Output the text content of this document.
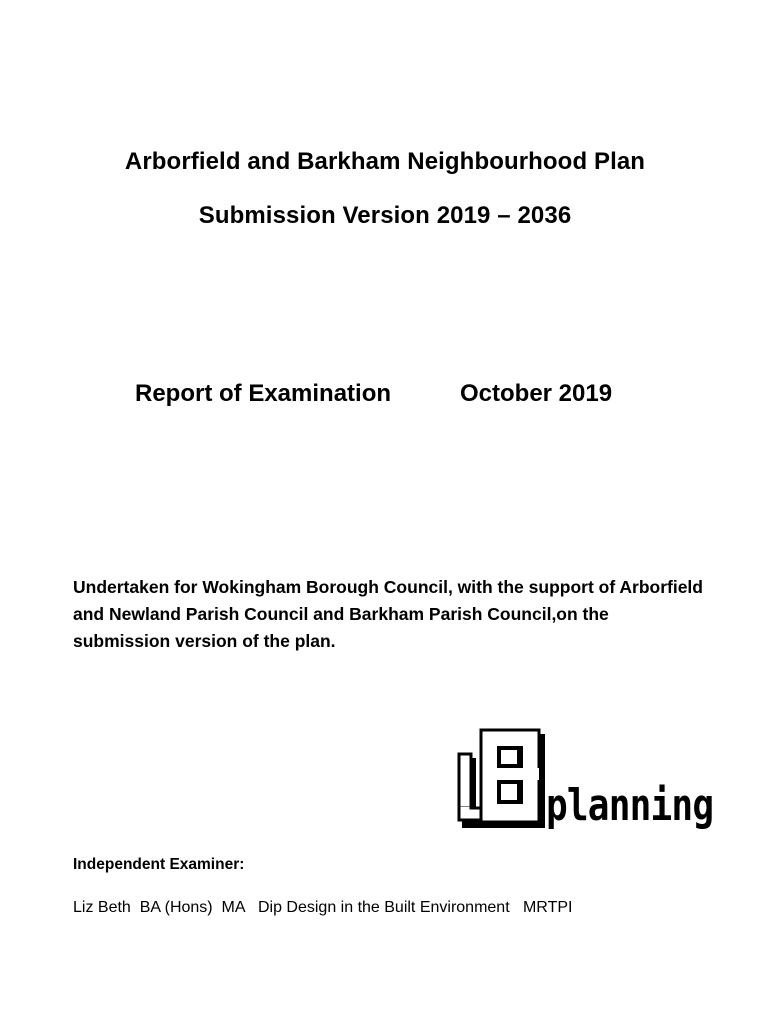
Arborfield and Barkham Neighbourhood Plan
Submission Version 2019 – 2036
Report of Examination	October 2019
Undertaken for Wokingham Borough Council, with the support of Arborfield and Newland Parish Council and Barkham Parish Council,on the submission version of the plan.
planning
Independent Examiner:
Liz Beth  BA (Hons)  MA   Dip Design in the Built Environment   MRTPI
